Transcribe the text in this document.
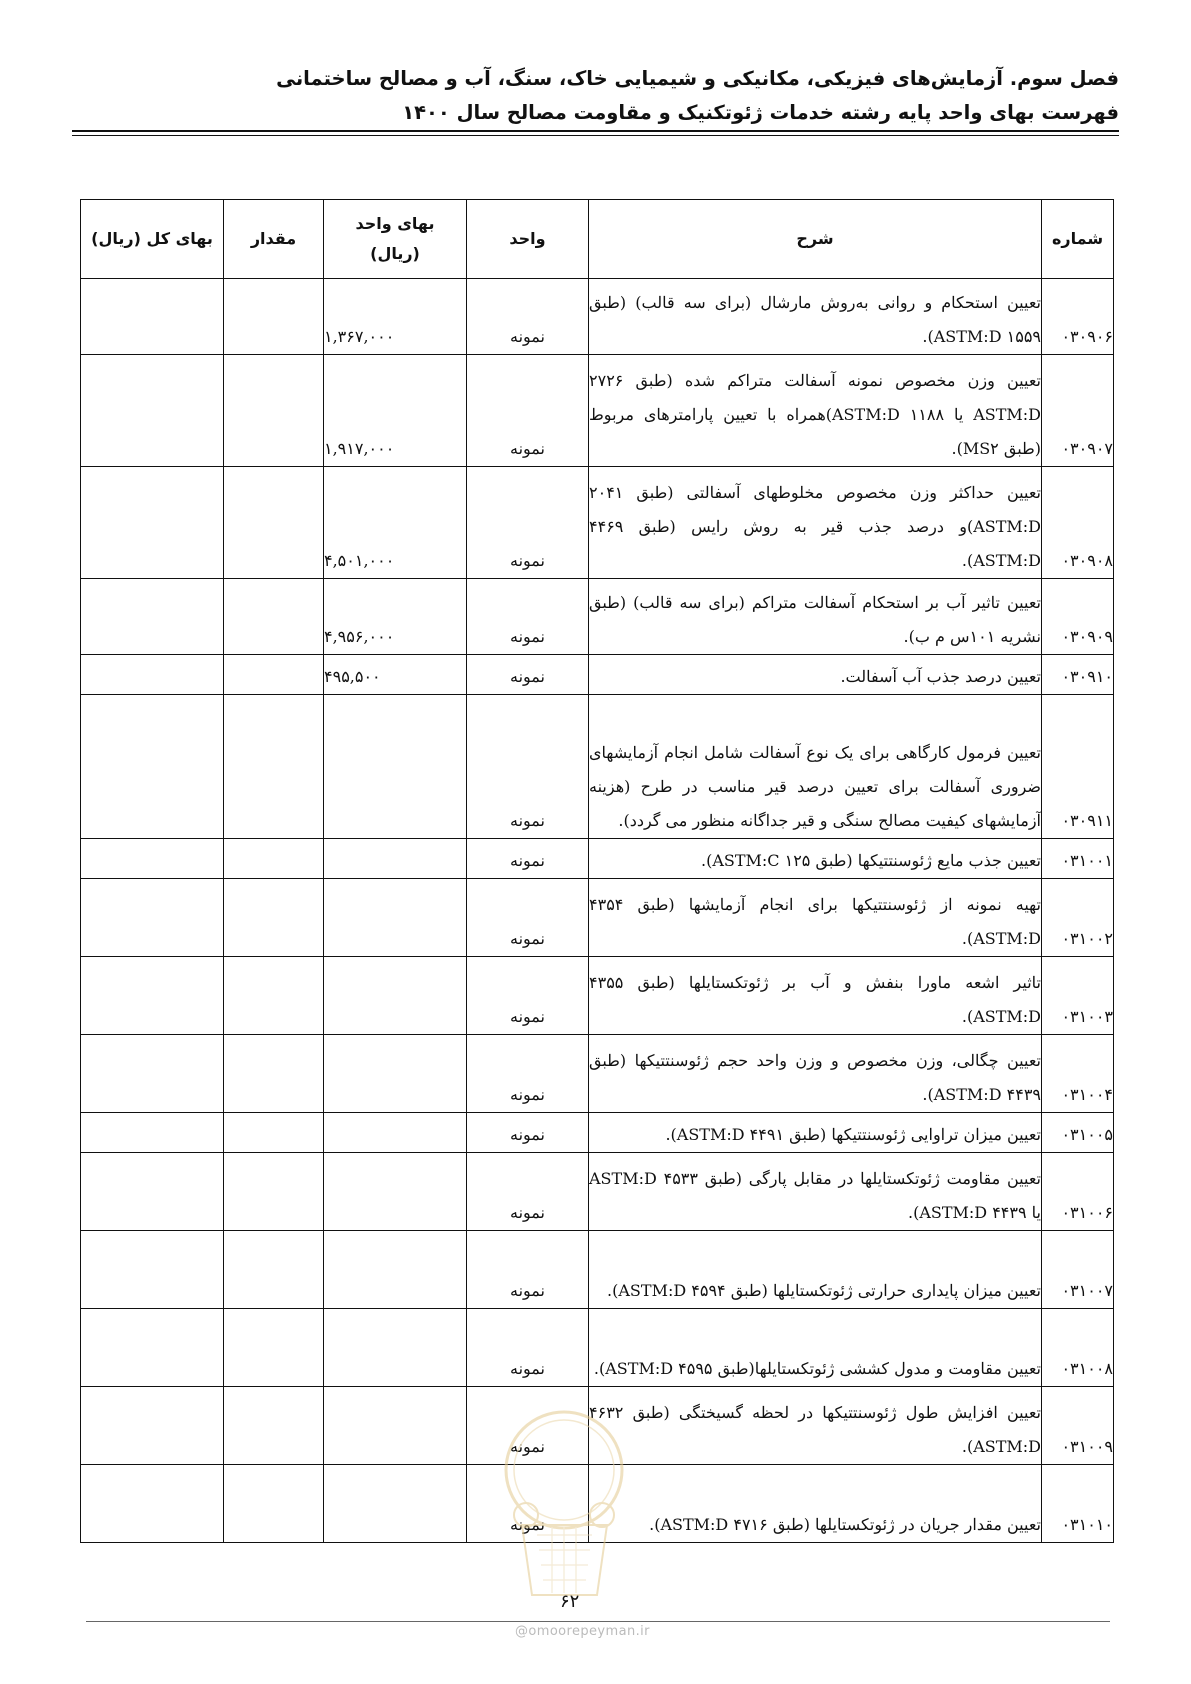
فصل سوم. آزمایش‌های فیزیکی، مکانیکی و شیمیایی خاک، سنگ، آب و مصالح ساختمانی
فهرست بهای واحد پایه رشته خدمات ژئوتکنیک و مقاومت مصالح سال ۱۴۰۰
شماره	شرح	واحد	بهای واحد
(ریال)	مقدار	بهای کل (ریال)
۰۳۰۹۰۶	تعیین استحکام و روانی به‌روش مارشال (برای سه قالب) (طبق ۱۵۵۹ ASTM:D).	نمونه	۱,۳۶۷,۰۰۰		
۰۳۰۹۰۷	تعیین وزن مخصوص نمونه آسفالت متراکم شده (طبق ۲۷۲۶ ASTM:D یا ۱۱۸۸ ASTM:D)همراه با تعیین پارامترهای مربوط (طبق MS۲).	نمونه	۱,۹۱۷,۰۰۰		
۰۳۰۹۰۸	تعیین حداکثر وزن مخصوص مخلوطهای آسفالتی (طبق ۲۰۴۱ ASTM:D)و درصد جذب قیر به روش رایس (طبق ۴۴۶۹ ASTM:D).	نمونه	۴,۵۰۱,۰۰۰		
۰۳۰۹۰۹	تعیین تاثیر آب بر استحکام آسفالت متراکم (برای سه قالب) (طبق نشریه ۱۰۱س م ب).	نمونه	۴,۹۵۶,۰۰۰		
۰۳۰۹۱۰	تعیین درصد جذب آب آسفالت.	نمونه	۴۹۵,۵۰۰		
۰۳۰۹۱۱	تعیین فرمول کارگاهی برای یک نوع آسفالت شامل انجام آزمایشهای ضروری آسفالت برای تعیین درصد قیر مناسب در طرح (هزینه آزمایشهای کیفیت مصالح سنگی و قیر جداگانه منظور می گردد).	نمونه			
۰۳۱۰۰۱	تعیین جذب مایع ژئوسنتتیکها (طبق ۱۲۵ ASTM:C).	نمونه			
۰۳۱۰۰۲	تهیه نمونه از ژئوسنتتیکها برای انجام آزمایشها (طبق ۴۳۵۴ ASTM:D).	نمونه			
۰۳۱۰۰۳	تاثیر اشعه ماورا بنفش و آب بر ژئوتکستایلها (طبق ۴۳۵۵ ASTM:D).	نمونه			
۰۳۱۰۰۴	تعیین چگالی، وزن مخصوص و وزن واحد حجم ژئوسنتتیکها (طبق ۴۴۳۹ ASTM:D).	نمونه			
۰۳۱۰۰۵	تعیین میزان تراوایی ژئوسنتتیکها (طبق ۴۴۹۱ ASTM:D).	نمونه			
۰۳۱۰۰۶	تعیین مقاومت ژئوتکستایلها در مقابل پارگی (طبق ۴۵۳۳ ASTM:D یا ۴۴۳۹ ASTM:D).	نمونه			
۰۳۱۰۰۷	تعیین میزان پایداری حرارتی ژئوتکستایلها (طبق ۴۵۹۴ ASTM:D).	نمونه			
۰۳۱۰۰۸	تعیین مقاومت و مدول کششی ژئوتکستایلها(طبق ۴۵۹۵ ASTM:D).	نمونه			
۰۳۱۰۰۹	تعیین افزایش طول ژئوسنتتیکها در لحظه گسیختگی (طبق ۴۶۳۲ ASTM:D).	نمونه			
۰۳۱۰۱۰	تعیین مقدار جریان در ژئوتکستایلها (طبق ۴۷۱۶ ASTM:D).	نمونه			
۶۲
@omoorepeyman.ir
